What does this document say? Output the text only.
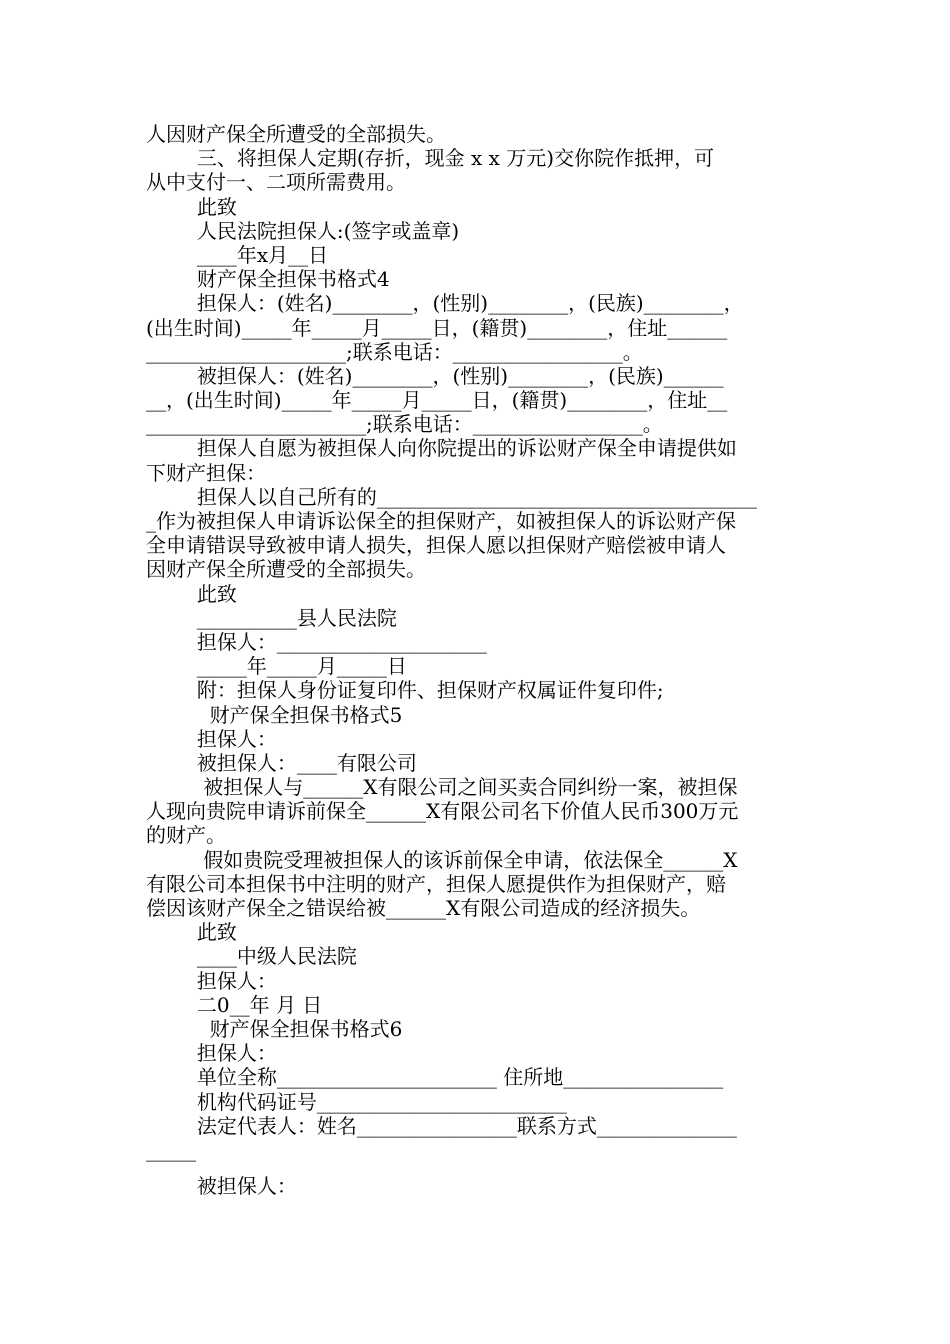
人因财产保全所遭受的全部损失。
三、将担保人定期(存折，现金 x x 万元)交你院作抵押，可
从中支付一、二项所需费用。
此致
人民法院担保人:(签字或盖章)
____年x月__日
财产保全担保书格式4
担保人：(姓名)________，(性别)________，(民族)________，
(出生时间)_____年_____月_____日，(籍贯)________，住址______
____________________;联系电话：_________________。
被担保人：(姓名)________，(性别)________，(民族)______
__，(出生时间)_____年_____月_____日，(籍贯)________，住址__
______________________;联系电话：_________________。
担保人自愿为被担保人向你院提出的诉讼财产保全申请提供如
下财产担保：
担保人以自己所有的______________________________________
_作为被担保人申请诉讼保全的担保财产，如被担保人的诉讼财产保
全申请错误导致被申请人损失，担保人愿以担保财产赔偿被申请人
因财产保全所遭受的全部损失。
此致
__________县人民法院
担保人：_____________________
_____年_____月_____日
附：担保人身份证复印件、担保财产权属证件复印件;
财产保全担保书格式5
担保人：
被担保人：____有限公司
被担保人与______X有限公司之间买卖合同纠纷一案，被担保
人现向贵院申请诉前保全______X有限公司名下价值人民币300万元
的财产。
假如贵院受理被担保人的该诉前保全申请，依法保全______X
有限公司本担保书中注明的财产，担保人愿提供作为担保财产，赔
偿因该财产保全之错误给被______X有限公司造成的经济损失。
此致
____中级人民法院
担保人：
二0__年 月 日
财产保全担保书格式6
担保人：
单位全称______________________ 住所地________________
机构代码证号_________________________
法定代表人：姓名________________联系方式______________
_____
被担保人：
